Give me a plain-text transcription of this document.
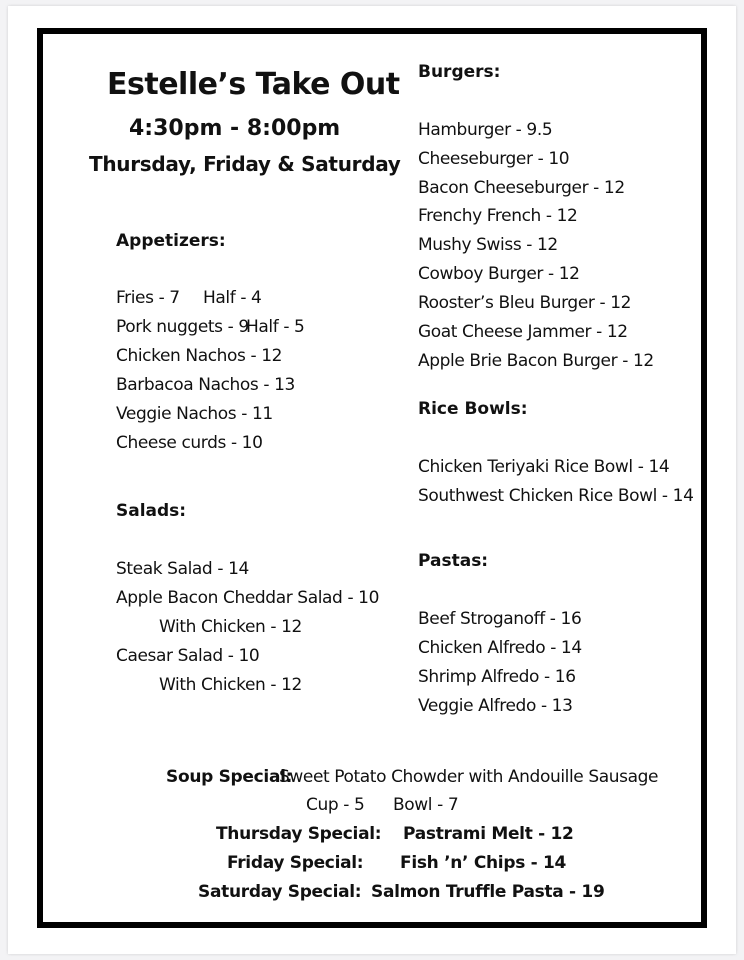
Estelle’s Take Out
4:30pm - 8:00pm
Thursday, Friday & Saturday
Appetizers:
Fries - 7 Half - 4
Pork nuggets - 9
Half - 5
Chicken Nachos - 12
Barbacoa Nachos - 13
Veggie Nachos - 11
Cheese curds - 10
Salads:
Steak Salad - 14
Apple Bacon Cheddar Salad - 10
With Chicken - 12
Caesar Salad - 10
With Chicken - 12
Burgers:
Hamburger - 9.5
Cheeseburger - 10
Bacon Cheeseburger - 12
Frenchy French - 12
Mushy Swiss - 12
Cowboy Burger - 12
Rooster’s Bleu Burger - 12
Goat Cheese Jammer - 12
Apple Brie Bacon Burger - 12
Rice Bowls:
Chicken Teriyaki Rice Bowl - 14
Southwest Chicken Rice Bowl - 14
Pastas:
Beef Stroganoff - 16
Chicken Alfredo - 14
Shrimp Alfredo - 16
Veggie Alfredo - 13
Soup Special:
Sweet Potato Chowder with Andouille Sausage
Cup - 5 Bowl - 7
Thursday Special: Pastrami Melt - 12
Friday Special: Fish ’n’ Chips - 14
Saturday Special: Salmon Truffle Pasta - 19
